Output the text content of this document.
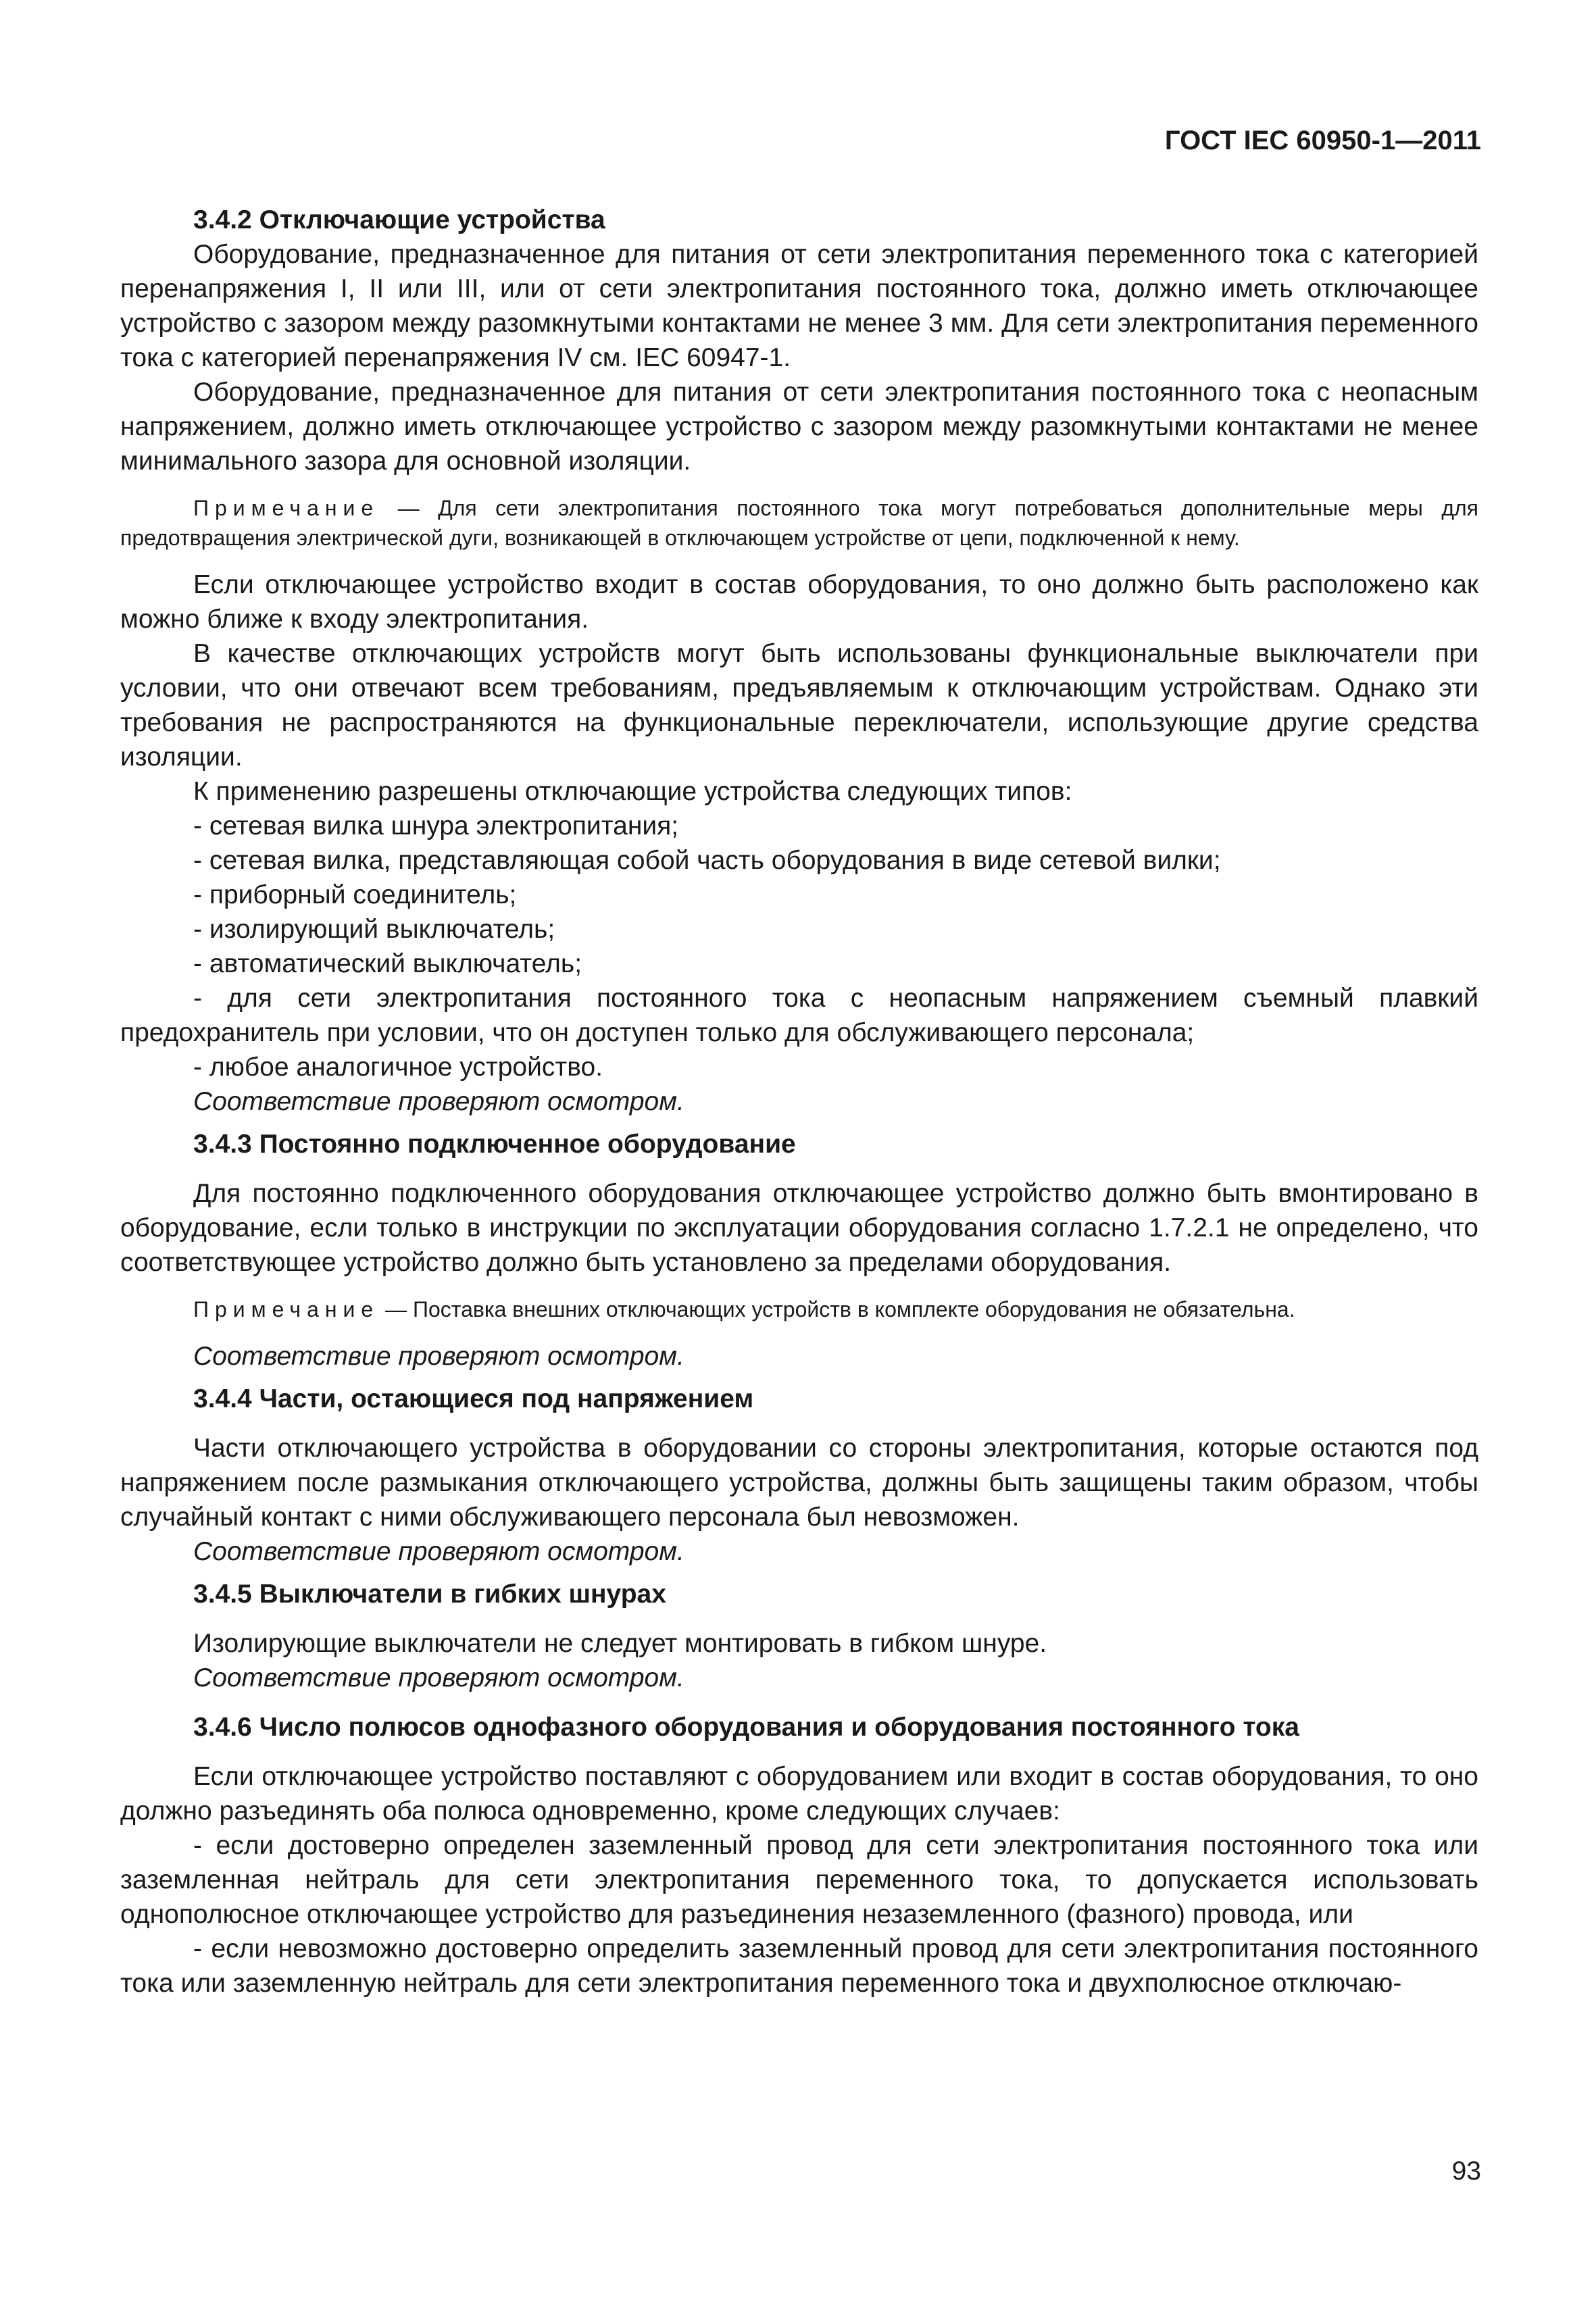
ГОСТ IEC 60950-1—2011
3.4.2 Отключающие устройства

Оборудование, предназначенное для питания от сети электропитания переменного тока с категорией перенапряжения I, II или III, или от сети электропитания постоянного тока, должно иметь отключающее устройство с зазором между разомкнутыми контактами не менее 3 мм. Для сети электропитания переменного тока с категорией перенапряжения IV см. IEC 60947-1.

Оборудование, предназначенное для питания от сети электропитания постоянного тока с неопасным напряжением, должно иметь отключающее устройство с зазором между разомкнутыми контактами не менее минимального зазора для основной изоляции.

Примечание — Для сети электропитания постоянного тока могут потребоваться дополнительные меры для предотвращения электрической дуги, возникающей в отключающем устройстве от цепи, подключенной к нему.

Если отключающее устройство входит в состав оборудования, то оно должно быть расположено как можно ближе к входу электропитания.

В качестве отключающих устройств могут быть использованы функциональные выключатели при условии, что они отвечают всем требованиям, предъявляемым к отключающим устройствам. Однако эти требования не распространяются на функциональные переключатели, использующие другие средства изоляции.

К применению разрешены отключающие устройства следующих типов:

- сетевая вилка шнура электропитания;

- сетевая вилка, представляющая собой часть оборудования в виде сетевой вилки;

- приборный соединитель;

- изолирующий выключатель;

- автоматический выключатель;

- для сети электропитания постоянного тока с неопасным напряжением съемный плавкий предохранитель при условии, что он доступен только для обслуживающего персонала;

- любое аналогичное устройство.

Соответствие проверяют осмотром.

3.4.3 Постоянно подключенное оборудование

Для постоянно подключенного оборудования отключающее устройство должно быть вмонтировано в оборудование, если только в инструкции по эксплуатации оборудования согласно 1.7.2.1 не определено, что соответствующее устройство должно быть установлено за пределами оборудования.

Примечание — Поставка внешних отключающих устройств в комплекте оборудования не обязательна.

Соответствие проверяют осмотром.

3.4.4 Части, остающиеся под напряжением

Части отключающего устройства в оборудовании со стороны электропитания, которые остаются под напряжением после размыкания отключающего устройства, должны быть защищены таким образом, чтобы случайный контакт с ними обслуживающего персонала был невозможен.

Соответствие проверяют осмотром.

3.4.5 Выключатели в гибких шнурах

Изолирующие выключатели не следует монтировать в гибком шнуре.

Соответствие проверяют осмотром.

3.4.6 Число полюсов однофазного оборудования и оборудования постоянного тока

Если отключающее устройство поставляют с оборудованием или входит в состав оборудования, то оно должно разъединять оба полюса одновременно, кроме следующих случаев:

- если достоверно определен заземленный провод для сети электропитания постоянного тока или заземленная нейтраль для сети электропитания переменного тока, то допускается использовать однополюсное отключающее устройство для разъединения незаземленного (фазного) провода, или

- если невозможно достоверно определить заземленный провод для сети электропитания постоянного тока или заземленную нейтраль для сети электропитания переменного тока и двухполюсное отключаю-

93
